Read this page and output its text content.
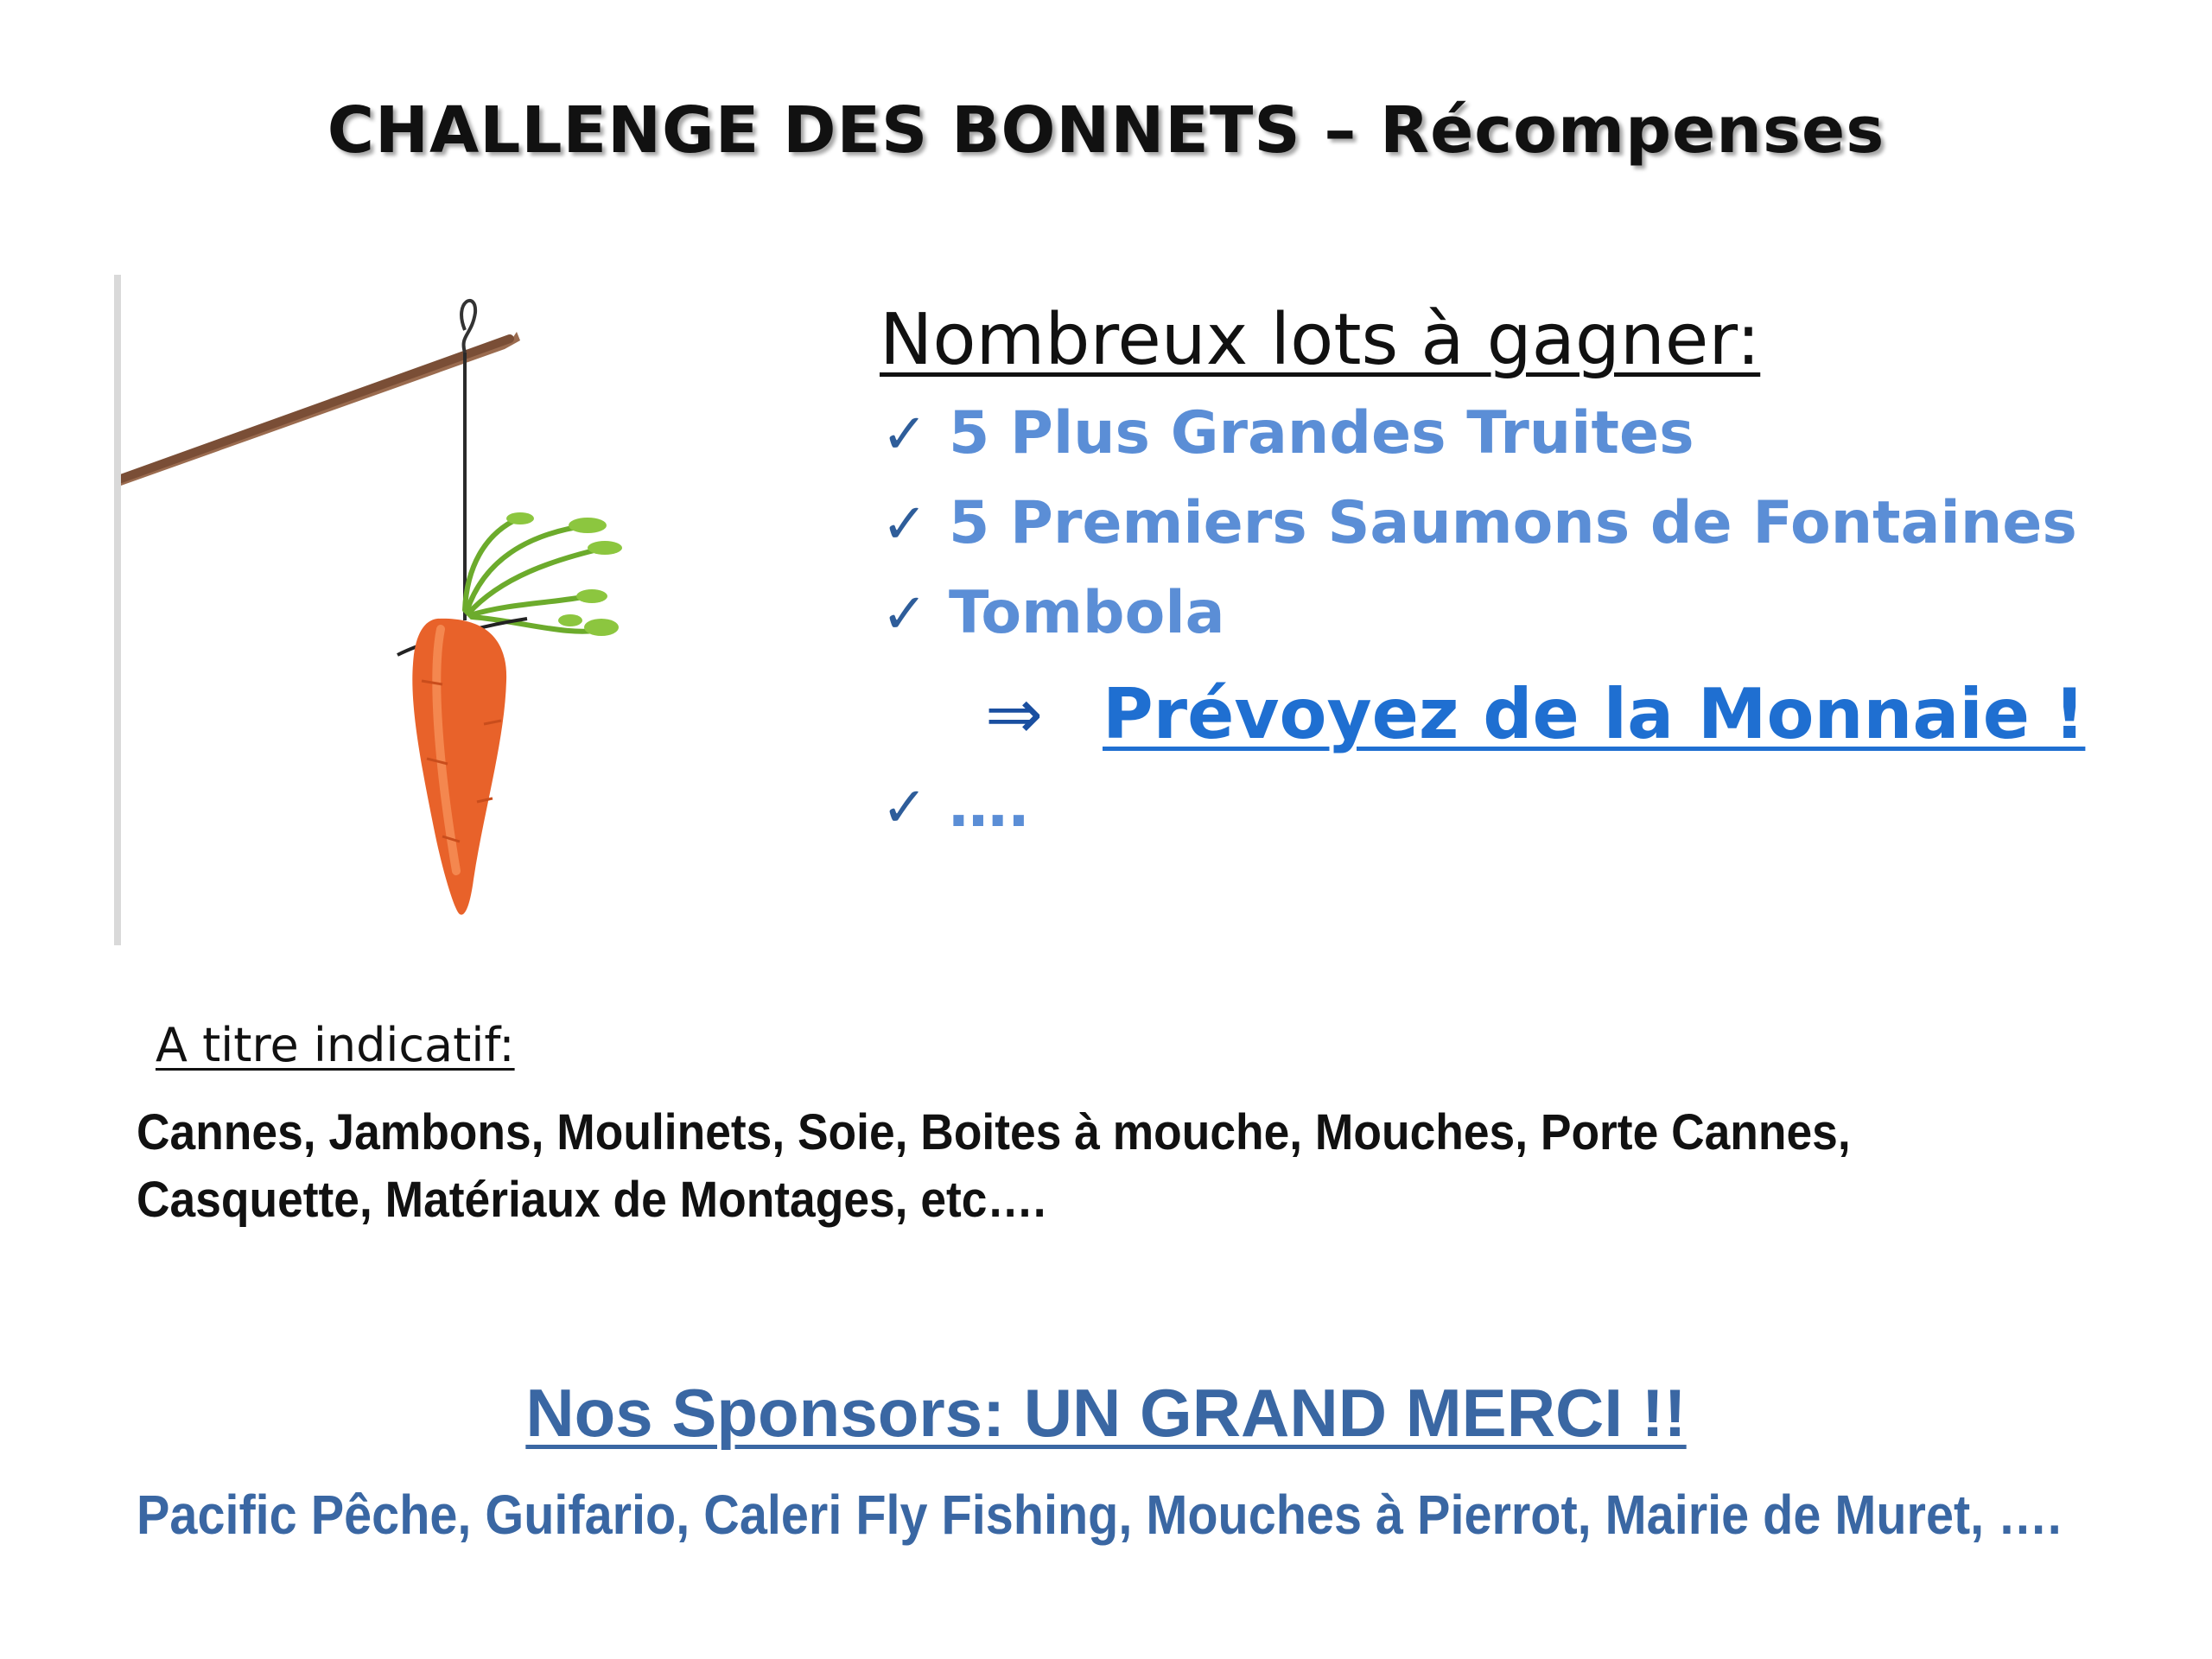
CHALLENGE DES BONNETS – Récompenses
Nombreux lots à gagner:
✓ 5 Plus Grandes Truites
✓ 5 Premiers Saumons de Fontaines
✓ Tombola
⇒ Prévoyez de la Monnaie !
✓ ….
A titre indicatif:
Cannes, Jambons, Moulinets, Soie, Boites à mouche, Mouches, Porte Cannes, Casquette, Matériaux de Montages, etc….
Nos Sponsors: UN GRAND MERCI !!
Pacific Pêche, Guifario, Caleri Fly Fishing, Mouches à Pierrot, Mairie de Muret, ….
